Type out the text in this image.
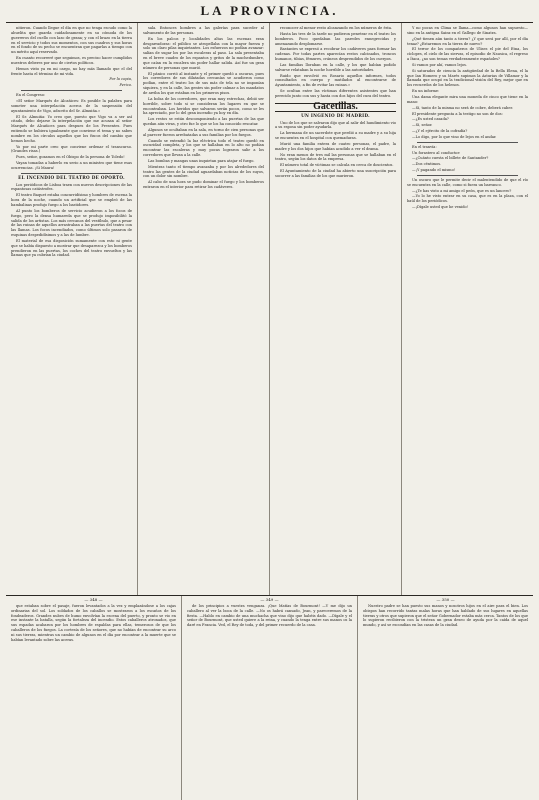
LA PROVINCIA.

nitieron. Cuando llegue el día en que no tenga escudo como la abuelita que guarda cuidadosamente en su cómoda de los guerreros del cuello con lazo de grana; y con el brazo en la tierra en el servicio y todos sus momentos, con sus cuadros y sus horas en el fondo de su pecho se encuentran que pagarlas a tiempo con un mérito aquí reservado.

En cuanto recorreré que seguimos, es preciso hacer cumplidos nuestros deberes por uno de ciertos políticos.

Hemos visto ya en mi cargo, no hay más llamado que el del frente hasta el término de mi vida.

Por la copia,

Perico.

En el Congreso:

«El señor Marqués de Alcañices: Es posible la palabra para someter una interpelación acerca de la suspensión del ayuntamiento de Vigo, adscrito del Sr. Almuiña.»

El Sr. Almuiña: Yo creo que, puesto que Vigo va a ser así citado, debo dejarse la interpelación que me acusan al señor Marqués de Alcañices para despues de los Presentes. Pues entiendo se hubiera igualmente que conviene el tema y no sabes nombre en los círculos aquellos que los fiscos del cambio que hemos hecho.

Yo por mi parte creo que conviene ordenar el transcurso. (Grandes risas.)

Pues, señor, gozamos en el Obispo de la persona de Toledo!

Vayan tomadas a haberlo en serio a un ministro que tiene esas ocurrencias. ¡Si Maura!

EL INCENDIO DEL TEATRO DE OPORTO.

Los periódicos de Lisboa traen con nuevos descripciones de las espantosas catástrofes.

El teatro Baquet estaba concurridísimo y hombres de escena la hora de la noche, cuando un artificial que se empleó de las bambalinas produjo fuego a los bastidores.

Al punto los bomberos de servicio acudieron a los focos de fuego, pero la densa humareda que se produjo imposibilitó la salida de los artistas. Los más cercanos del vestíbulo, que a pesar de las ruinas de aquellos arrastraban a las puertas del teatro con las llamas. Los focos incendiados, como últimos solo pasaron de esquinas despedidísimos y a las de lumbre.

El material de esa disposición sumamente con esto ni gente que se había dispuesto a mostrar que desaparezca y los bomberos prendieron en las puertas, los coches del teatro envueltos y las llamas que ya cubrían la ciudad.

sala. Entonces hombres a las galerías para suceder al salvamento de las personas.

En los palcos y localidades altas las escenas eran desgarradoras: el público se atropellaba con la mayor fuerza y solo un claro pilas inquietantes. Los esfuerzos no podían avanzar: salían de sugar los por las escaleras al paso. La sala presentaba en el breve cuadro de los espantos y gritos de la muchedumbre, que caían en la escalera sin poder hallar salida. Así fue un gran número de personas que murió.

El pánico corrió al instante y el primer quedó a oscuras, pues los corredores de sus dilatadas cercanías se acudieron como podían, entre el teatro los de sus más de tela no se imponían siquiera, y en la calle, las gentes sin poder calmar a los mandatos de arriba los que estaban en los primeros pisos.

La bolsa de los corredores, que eran muy estrechas, debió ser horrible, sobre todo si se consideran los lugares en que se encontraban. Los heridos que salvaron serán pocos, como se les ha apreciado, por lo del gran incendio ya hoy en día.

Los restos se están descomponiendo a las puertas de las que quedan aún vivas, y otro fue lo que se los ha conocido rescatar.

Algunos se ocultaban en la sala, en torno de cien personas que al parecer fueron arrebatadas a sus familias por los fuegos.

Cuando se extendió la luz eléctrica todo el teatro quedó en oscuridad completa, y los que se hallaban en lo alto no podían encontrar las escaleras y muy pocas lograron salir a los corredores que llevan a la calle.

Las bombas y mangas unas inquietan para atajar el fuego.

Mientras tanto el tiempo avanzaba y por los alrededores del teatro las gentes de la ciudad aguardaban noticias de los suyos, con un dolor sin nombre.

Al cabo de una hora se pudo dominar el fuego y los bomberos entraron en el interior para retirar los cadáveres.

reconocer al menor resto alcanzando en los números de ésta.

Hasta las tres de la tarde no pudieron penetrar en el teatro los bomberos. Poco quedaban las paredes ennegrecidas y amenazando desplomarse.

Bastantes se expresó a recobrar los cadáveres para formar las cadenas. Por todas partes aparecían restos calcinados, troncos humanos, tibias, fémures, cráneos desprendidos de los cuerpos.

Las familias lloraban en la calle, y los que habían podido salvarse relataban la noche horrible a las autoridades.

Ruido que envolvió en Rosario aquellos informes, todos consultados en cuerpo y mutilados al encontrarse de Ayuntamiento, a fin de evitar las ruinas.»

Se ocultan entre las víctimas diferentes asistentes que han perecido junto con sus y hasta con dos hijos del cura del teatro.

Gacetillas.

UN INGENIO DE MADRID.

Uno de los que se salvaron dijo que al salir del hundimiento vio a su esposa sin poder ayudarla.

La hermana de un sacerdote que perdió a su madre y a su hija se encuentra en el hospital con quemaduras.

Murió una familia entera de cuatro personas, el padre, la madre y los dos hijos que habían acudido a ver el drama.

No eran menos de tres mil las personas que se hallaban en el teatro, según los datos de la empresa.

El número total de víctimas se calcula en cerca de doscientos.

El Ayuntamiento de la ciudad ha abierto una suscripción para socorrer a las familias de los que murieron.

Y no pocas en Clima se llama—como algunos han supuesto—sino en la antigua Sainz en el Gallego de Sinatra.

¿Qué tienen aún tanto a tierra? ¿Y que será por allí, por el día tenaz? ¿Estaremos en la tierra de nuevo?

El terror de los compañeros de Ulises el pie del Etna, los cíclopes, el cielo de las siervas, el episodio de Nausica, el regreso a Ítaca, ¿no son temas verdaderamente españoles?

Si vamos por ahí, vamos lejos.

Si saturados de ciencia la antigüedad de la Bella Elena, el la que Ian Homero y su Marés supimos la Asturias de Villamor y la llamada que ocupó en la tradicional visión del Rey, mejor que en los recuerdos de los helenos.

En un informe:

Una dama elegante mira una moneda de cinco que tiene en la mano:

—Sí, tanto de la misma no será de cobre, deberá caber.

El presidente pregunta a la testigo no son de dos:

—¿Es usted casada?

—Sí, señor.

—¿Y el ejército de la cofradía?

—Lo digo, por lo que vino de lejos en el andar.

En el tranvía:

Un forastero al conductor:

—¿Cuánto cuesta el billete de Santander?

—Dos céntimos.

—¡Y pagando el mismo!

Un oscuro que le permite decir el malentendido de que el río se encuentra en la calle, como si fuera un barranco.

—¿Te has visto a mi amigo el peón, que es un lancero?

—Yo lo he visto entrar en su casa, que es en la plaza, con el baúl de los periódicos.

—¡Dígale usted que he venido!

— 348 —

que estaban sobre el pasaje, fueron levantados a la vez y emplazándose a los cajas ordinarias del sol. Los soldados de los caballos se mostraron a los escaños de los fondeaderos. Grandes nubes de humo envolvían la escena del puerto, y pronto se vio en ese instante la batalla, según la fortaleza del incendio. Estos caballeros atronados, que sus espadas acabaron por los hombres de espaldas para ellas, temerosos de que los caballeros de los fuegos. La cortesía de los señores, que no habían de encontrar su arco ni sus tierras, mientras un cambio de algunos en el día por encontrar a la muerte que se habían levantado sobre las aceras.

— 349 —

de los principios a vuestra venganza. ¡Que Matías de Bourmont! —Y me dijo un caballero al ver la boca de la calle. —No os habrá cansado, Jean, y pareceremos de la fiesta. —Hablo en cambio de una muchacha que vino dijo que habéis dado. —Dígale y el señor de Bourmont, que usted quiere a la reina, y cuando la tenga entre sus manos os la daré en Francia. Ved, el Rey de toda, y del primer recuerdo de la casa.

— 350 —

Nuestro padre se han puesto sus manos y nosotros hijos en el aire para el bien. Los obispos han recorrido tantas malas horas que han hablado de sus lugares en aquellas tierras y otros que supieron que el señor Gobernador estaba más cerca. Tantos de los que lo supieron recibieron con la tristeza un gran deseo de ayuda por la caída de aquel mundo, y así se escondían en las casas de la ciudad.
